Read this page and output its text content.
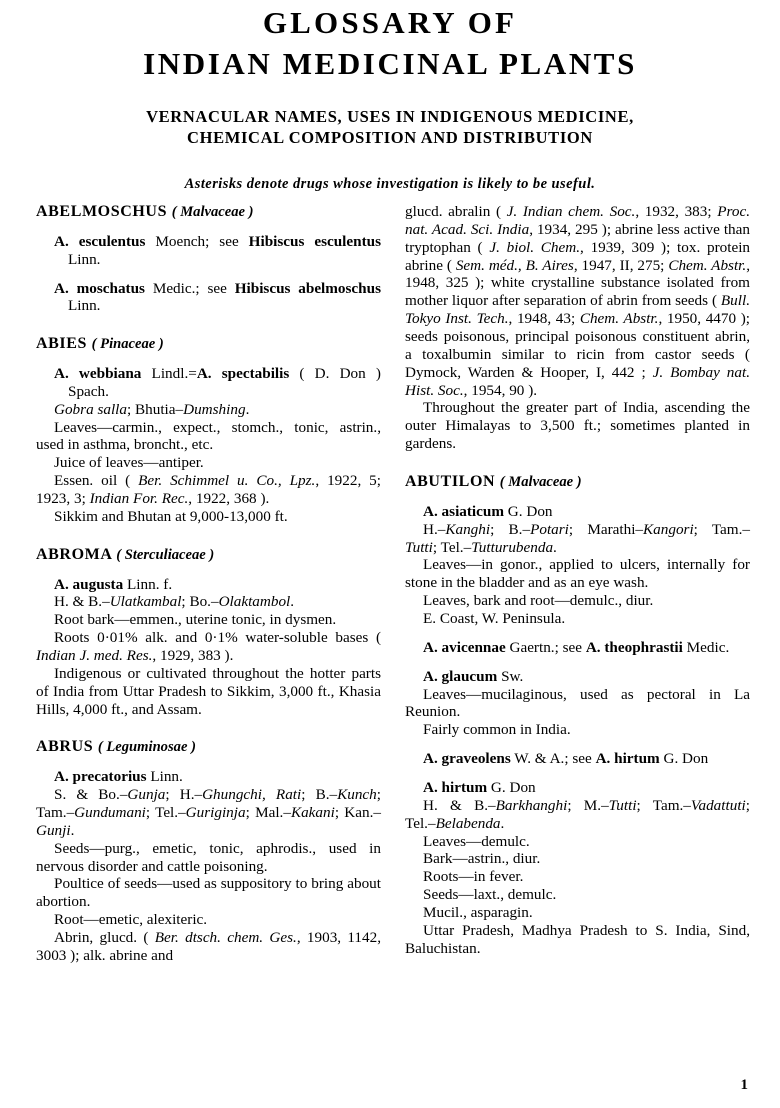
GLOSSARY OF
INDIAN MEDICINAL PLANTS
VERNACULAR NAMES, USES IN INDIGENOUS MEDICINE,
CHEMICAL COMPOSITION AND DISTRIBUTION
Asterisks denote drugs whose investigation is likely to be useful.
ABELMOSCHUS ( Malvaceae )
A. esculentus Moench; see Hibiscus esculentus Linn.
A. moschatus Medic.; see Hibiscus abelmoschus Linn.
ABIES ( Pinaceae )
A. webbiana Lindl.=A. spectabilis ( D. Don ) Spach.
Gobra salla; Bhutia–Dumshing.
Leaves—carmin., expect., stomch., tonic, astrin., used in asthma, broncht., etc.
Juice of leaves—antiper.
Essen. oil ( Ber. Schimmel u. Co., Lpz., 1922, 5; 1923, 3; Indian For. Rec., 1922, 368 ).
Sikkim and Bhutan at 9,000-13,000 ft.
ABROMA ( Sterculiaceae )
A. augusta Linn. f.
H. & B.–Ulatkambal; Bo.–Olaktambol.
Root bark—emmen., uterine tonic, in dysmen.
Roots 0·01% alk. and 0·1% water-soluble bases ( Indian J. med. Res., 1929, 383 ).
Indigenous or cultivated throughout the hotter parts of India from Uttar Pradesh to Sikkim, 3,000 ft., Khasia Hills, 4,000 ft., and Assam.
ABRUS ( Leguminosae )
A. precatorius Linn.
S. & Bo.–Gunja; H.–Ghungchi, Rati; B.–Kunch; Tam.–Gundumani; Tel.–Guriginja; Mal.–Kakani; Kan.–Gunji.
Seeds—purg., emetic, tonic, aphrodis., used in nervous disorder and cattle poisoning.
Poultice of seeds—used as suppository to bring about abortion.
Root—emetic, alexiteric.
Abrin, glucd. ( Ber. dtsch. chem. Ges., 1903, 1142, 3003 ); alk. abrine and
glucd. abralin ( J. Indian chem. Soc., 1932, 383; Proc. nat. Acad. Sci. India, 1934, 295 ); abrine less active than tryptophan ( J. biol. Chem., 1939, 309 ); tox. protein abrine ( Sem. méd., B. Aires, 1947, II, 275; Chem. Abstr., 1948, 325 ); white crystalline substance isolated from mother liquor after separation of abrin from seeds ( Bull. Tokyo Inst. Tech., 1948, 43; Chem. Abstr., 1950, 4470 ); seeds poisonous, principal poisonous constituent abrin, a toxalbumin similar to ricin from castor seeds ( Dymock, Warden & Hooper, I, 442 ; J. Bombay nat. Hist. Soc., 1954, 90 ).
Throughout the greater part of India, ascending the outer Himalayas to 3,500 ft.; sometimes planted in gardens.
ABUTILON ( Malvaceae )
A. asiaticum G. Don
H.–Kanghi; B.–Potari; Marathi–Kangori; Tam.–Tutti; Tel.–Tutturubenda.
Leaves—in gonor., applied to ulcers, internally for stone in the bladder and as an eye wash.
Leaves, bark and root—demulc., diur.
E. Coast, W. Peninsula.
A. avicennae Gaertn.; see A. theophrastii Medic.
A. glaucum Sw.
Leaves—mucilaginous, used as pectoral in La Reunion.
Fairly common in India.
A. graveolens W. & A.; see A. hirtum G. Don
A. hirtum G. Don
H. & B.–Barkhanghi; M.–Tutti; Tam.–Vadattuti; Tel.–Belabenda.
Leaves—demulc.
Bark—astrin., diur.
Roots—in fever.
Seeds—laxt., demulc.
Mucil., asparagin.
Uttar Pradesh, Madhya Pradesh to S. India, Sind, Baluchistan.
1
